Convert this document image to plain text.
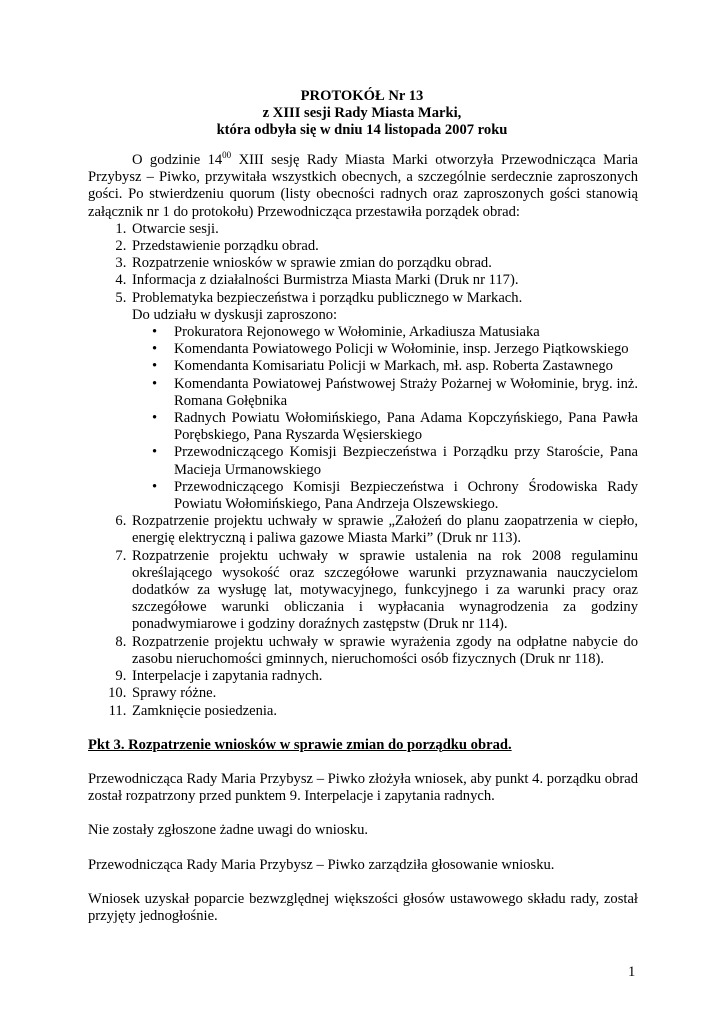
PROTOKÓŁ Nr 13
z XIII sesji Rady Miasta Marki,
która odbyła się w dniu 14 listopada 2007 roku

O godzinie $14^{00}$ XIII sesję Rady Miasta Marki otworzyła Przewodnicząca Maria Przybysz – Piwko, przywitała wszystkich obecnych, a szczególnie serdecznie zaproszonych gości. Po stwierdzeniu quorum (listy obecności radnych oraz zaproszonych gości stanowią załącznik nr 1 do protokołu) Przewodnicząca przestawiła porządek obrad:

1. Otwarcie sesji.
2. Przedstawienie porządku obrad.
3. Rozpatrzenie wniosków w sprawie zmian do porządku obrad.
4. Informacja z działalności Burmistrza Miasta Marki (Druk nr 117).
5. Problematyka bezpieczeństwa i porządku publicznego w Markach.
Do udziału w dyskusji zaproszono:
• Prokuratora Rejonowego w Wołominie, Arkadiusza Matusiaka
• Komendanta Powiatowego Policji w Wołominie, insp. Jerzego Piątkowskiego
• Komendanta Komisariatu Policji w Markach, mł. asp. Roberta Zastawnego
• Komendanta Powiatowej Państwowej Straży Pożarnej w Wołominie, bryg. inż. Romana Gołębnika
• Radnych Powiatu Wołomińskiego, Pana Adama Kopczyńskiego, Pana Pawła Porębskiego, Pana Ryszarda Węsierskiego
• Przewodniczącego Komisji Bezpieczeństwa i Porządku przy Staroście, Pana Macieja Urmanowskiego
• Przewodniczącego Komisji Bezpieczeństwa i Ochrony Środowiska Rady Powiatu Wołomińskiego, Pana Andrzeja Olszewskiego.
6. Rozpatrzenie projektu uchwały w sprawie „Założeń do planu zaopatrzenia w ciepło, energię elektryczną i paliwa gazowe Miasta Marki” (Druk nr 113).
7. Rozpatrzenie projektu uchwały w sprawie ustalenia na rok 2008 regulaminu określającego wysokość oraz szczegółowe warunki przyznawania nauczycielom dodatków za wysługę lat, motywacyjnego, funkcyjnego i za warunki pracy oraz szczegółowe warunki obliczania i wypłacania wynagrodzenia za godziny ponadwymiarowe i godziny doraźnych zastępstw (Druk nr 114).
8. Rozpatrzenie projektu uchwały w sprawie wyrażenia zgody na odpłatne nabycie do zasobu nieruchomości gminnych, nieruchomości osób fizycznych (Druk nr 118).
9. Interpelacje i zapytania radnych.
10. Sprawy różne.
11. Zamknięcie posiedzenia.
Pkt 3. Rozpatrzenie wniosków w sprawie zmian do porządku obrad.

Przewodnicząca Rady Maria Przybysz – Piwko złożyła wniosek, aby punkt 4. porządku obrad został rozpatrzony przed punktem 9. Interpelacje i zapytania radnych.

Nie zostały zgłoszone żadne uwagi do wniosku.

Przewodnicząca Rady Maria Przybysz – Piwko zarządziła głosowanie wniosku.

Wniosek uzyskał poparcie bezwzględnej większości głosów ustawowego składu rady, został przyjęty jednogłośnie.

1
